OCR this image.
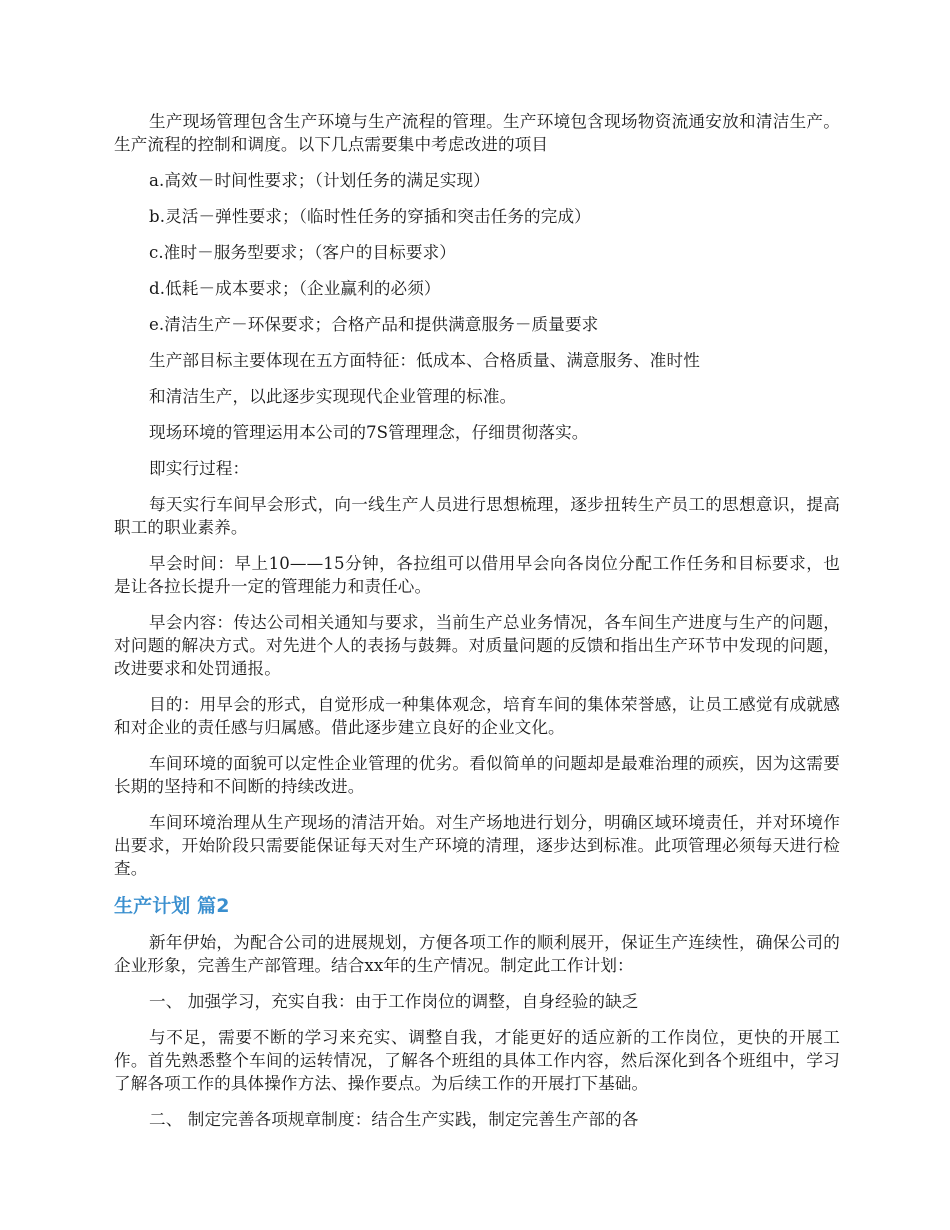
生产现场管理包含生产环境与生产流程的管理。生产环境包含现场物资流通安放和清洁生产。生产流程的控制和调度。以下几点需要集中考虑改进的项目

a.高效－时间性要求；（计划任务的满足实现）

b.灵活－弹性要求；（临时性任务的穿插和突击任务的完成）

c.准时－服务型要求；（客户的目标要求）

d.低耗－成本要求；（企业赢利的必须）

e.清洁生产－环保要求；合格产品和提供满意服务－质量要求

生产部目标主要体现在五方面特征：低成本、合格质量、满意服务、准时性

和清洁生产，以此逐步实现现代企业管理的标准。

现场环境的管理运用本公司的7S管理理念，仔细贯彻落实。

即实行过程：

每天实行车间早会形式，向一线生产人员进行思想梳理，逐步扭转生产员工的思想意识，提高职工的职业素养。

早会时间：早上10——15分钟，各拉组可以借用早会向各岗位分配工作任务和目标要求，也是让各拉长提升一定的管理能力和责任心。

早会内容：传达公司相关通知与要求，当前生产总业务情况，各车间生产进度与生产的问题，对问题的解决方式。对先进个人的表扬与鼓舞。对质量问题的反馈和指出生产环节中发现的问题，改进要求和处罚通报。

目的：用早会的形式，自觉形成一种集体观念，培育车间的集体荣誉感，让员工感觉有成就感和对企业的责任感与归属感。借此逐步建立良好的企业文化。

车间环境的面貌可以定性企业管理的优劣。看似简单的问题却是最难治理的顽疾，因为这需要长期的坚持和不间断的持续改进。

车间环境治理从生产现场的清洁开始。对生产场地进行划分，明确区域环境责任，并对环境作出要求，开始阶段只需要能保证每天对生产环境的清理，逐步达到标准。此项管理必须每天进行检查。

生产计划 篇2

新年伊始，为配合公司的进展规划，方便各项工作的顺利展开，保证生产连续性，确保公司的企业形象，完善生产部管理。结合xx年的生产情况。制定此工作计划：

一、 加强学习，充实自我：由于工作岗位的调整，自身经验的缺乏

与不足，需要不断的学习来充实、调整自我，才能更好的适应新的工作岗位，更快的开展工作。首先熟悉整个车间的运转情况，了解各个班组的具体工作内容，然后深化到各个班组中，学习了解各项工作的具体操作方法、操作要点。为后续工作的开展打下基础。

二、 制定完善各项规章制度：结合生产实践，制定完善生产部的各
